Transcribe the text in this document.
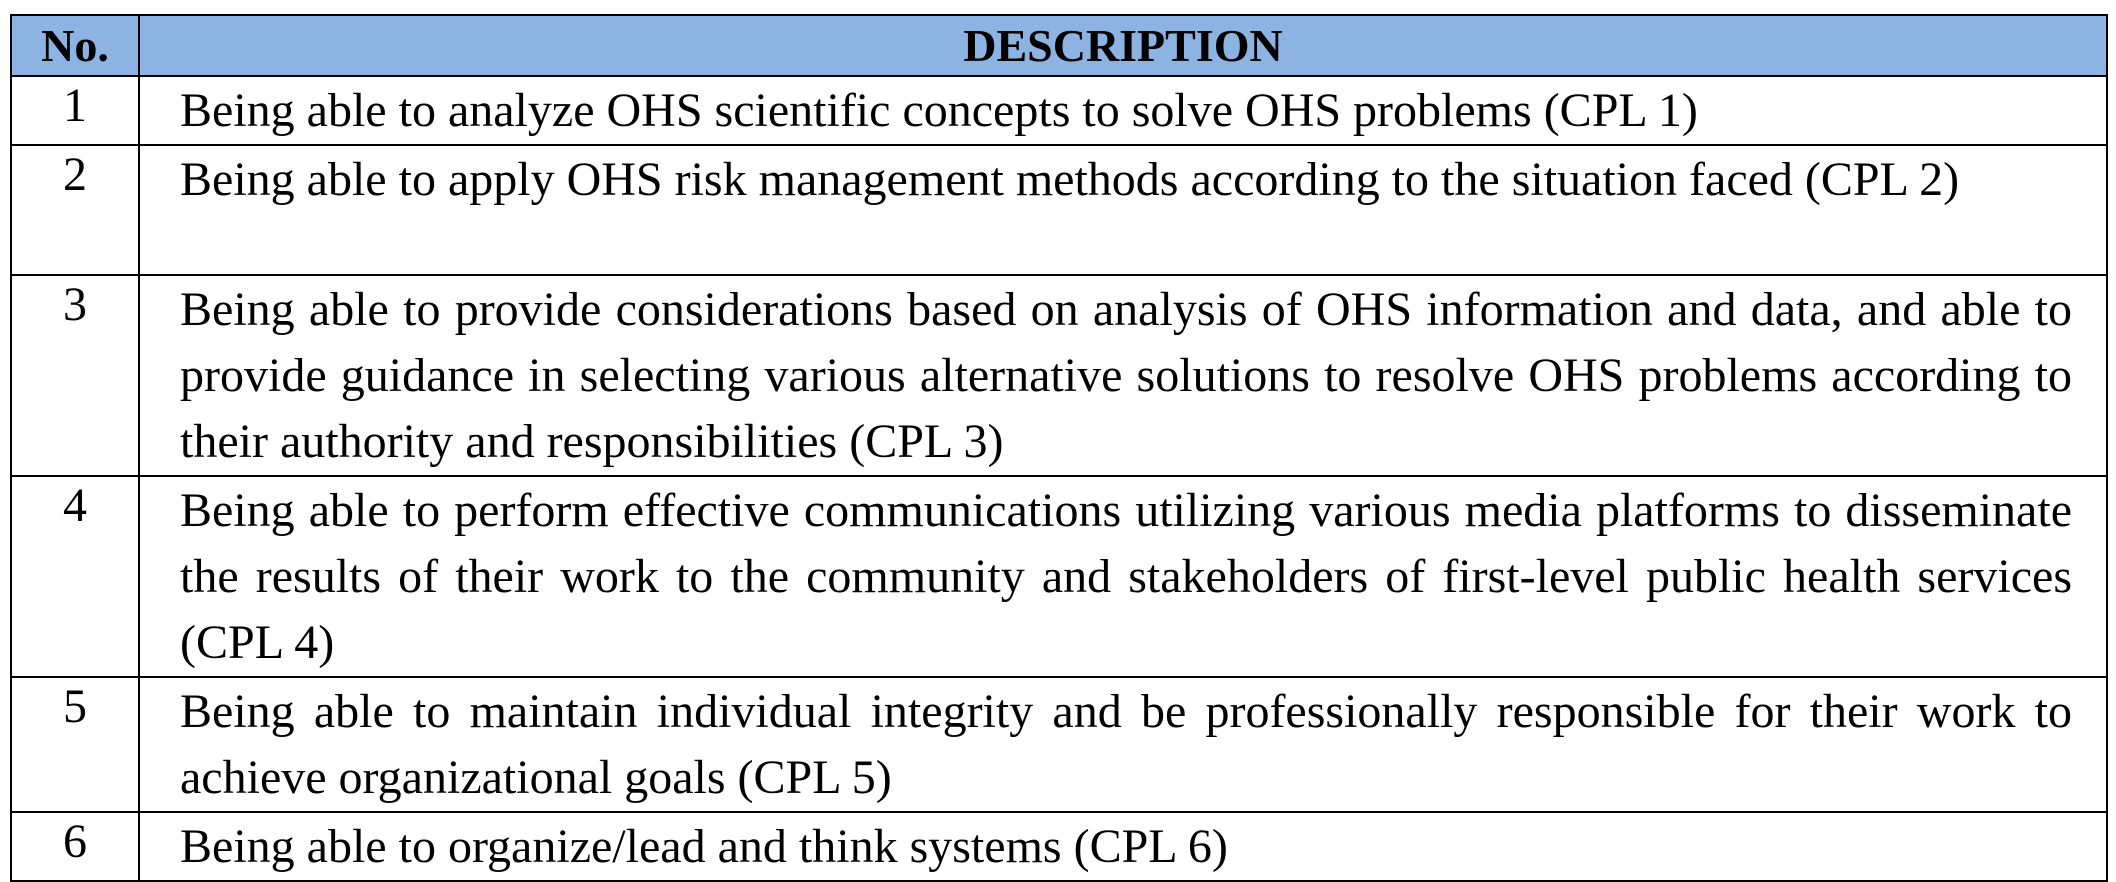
No.	DESCRIPTION
1	Being able to analyze OHS scientific concepts to solve OHS problems (CPL 1)
2	Being able to apply OHS risk management methods according to the situation faced (CPL 2)
3	Being able to provide considerations based on analysis of OHS information and data, and able to provide guidance in selecting various alternative solutions to resolve OHS problems according to their authority and responsibilities (CPL 3)
4	Being able to perform effective communications utilizing various media platforms to disseminate the results of their work to the community and stakeholders of first-level public health services (CPL 4)
5	Being able to maintain individual integrity and be professionally responsible for their work to achieve organizational goals (CPL 5)
6	Being able to organize/lead and think systems (CPL 6)
